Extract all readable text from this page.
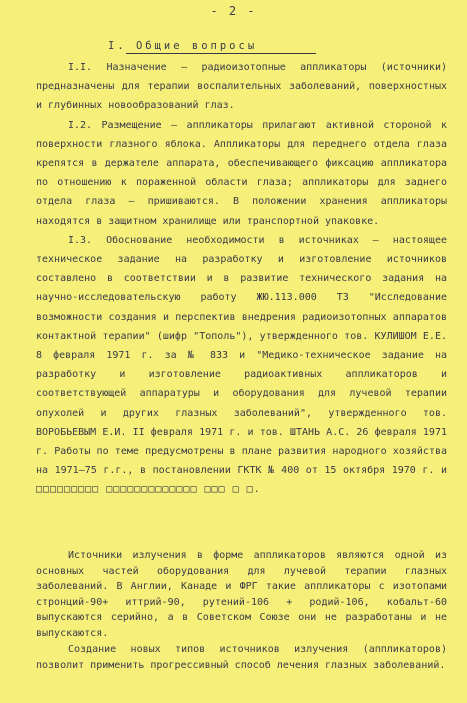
- 2 -
I. Общие вопросы

I.I. Назначение – радиоизотопные аппликаторы (источники) предназначены для терапии воспалительных заболеваний, поверхностных и глубинных новообразований глаз.

I.2. Размещение – аппликаторы прилагают активной стороной к поверхности глазного яблока. Аппликаторы для переднего отдела глаза крепятся в держателе аппарата, обеспечивающего фиксацию аппликатора по отношению к пораженной области глаза; аппликаторы для заднего отдела глаза – пришиваются. В положении хранения аппликаторы находятся в защитном хранилище или транспортной упаковке.

I.3. Обоснование необходимости в источниках – настоящее техническое задание на разработку и изготовление источников составлено в соответствии и в развитие технического задания на научно-исследовательскую работу ЖЮ.113.000 ТЗ "Исследование возможности создания и перспектив внедрения радиоизотопных аппаратов контактной терапии" (шифр "Тополь"), утвержденного тов. КУЛИШОМ Е.Е. 8 февраля 1971 г. за № 833 и "Медико-техническое задание на разработку и изготовление радиоактивных аппликаторов и соответствующей аппаратуры и оборудования для лучевой терапии опухолей и других глазных заболеваний", утвержденного тов. ВОРОБЬЕВЫМ Е.И. II февраля 1971 г. и тов. ШТАНЬ А.С. 26 февраля 1971 г. Работы по теме предусмотрены в плане развития народного хозяйства на 1971–75 г.г., в постановлении ГКТК № 400 от 15 октября 1970 г. и □□□□□□□□□ □□□□□□□□□□□□□ □□□ □ □.

Источники излучения в форме аппликаторов являются одной из основных частей оборудования для лучевой терапии глазных заболеваний. В Англии, Канаде и ФРГ такие аппликаторы с изотопами стронций-90+ иттрий-90, рутений-106 + родий-106, кобальт-60 выпускаются серийно, а в Советском Союзе они не разработаны и не выпускаются.

Создание новых типов источников излучения (аппликаторов) позволит применить прогрессивный способ лечения глазных заболеваний.
